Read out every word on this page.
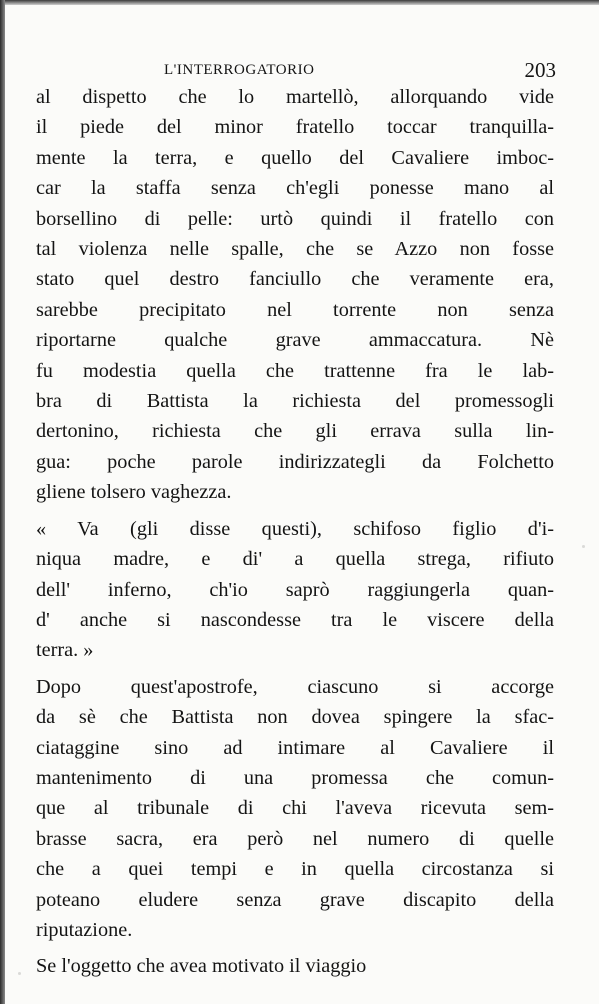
L'INTERROGATORIO	203
al dispetto che lo martellò, allorquando vide
il piede del minor fratello toccar tranquilla-
mente la terra, e quello del Cavaliere imboc-
car la staffa senza ch'egli ponesse mano al
borsellino di pelle: urtò quindi il fratello con
tal violenza nelle spalle, che se Azzo non fosse
stato quel destro fanciullo che veramente era,
sarebbe precipitato nel torrente non senza
riportarne qualche grave ammaccatura. Nè
fu modestia quella che trattenne fra le lab-
bra di Battista la richiesta del promessogli
dertonino, richiesta che gli errava sulla lin-
gua: poche parole indirizzategli da Folchetto
gliene tolsero vaghezza.
« Va (gli disse questi), schifoso figlio d'i-
niqua madre, e di' a quella strega, rifiuto
dell' inferno, ch'io saprò raggiungerla quan-
d' anche si nascondesse tra le viscere della
terra. »
Dopo quest'apostrofe, ciascuno si accorge
da sè che Battista non dovea spingere la sfac-
ciataggine sino ad intimare al Cavaliere il
mantenimento di una promessa che comun-
que al tribunale di chi l'aveva ricevuta sem-
brasse sacra, era però nel numero di quelle
che a quei tempi e in quella circostanza si
poteano eludere senza grave discapito della
riputazione.
Se l'oggetto che avea motivato il viaggio
